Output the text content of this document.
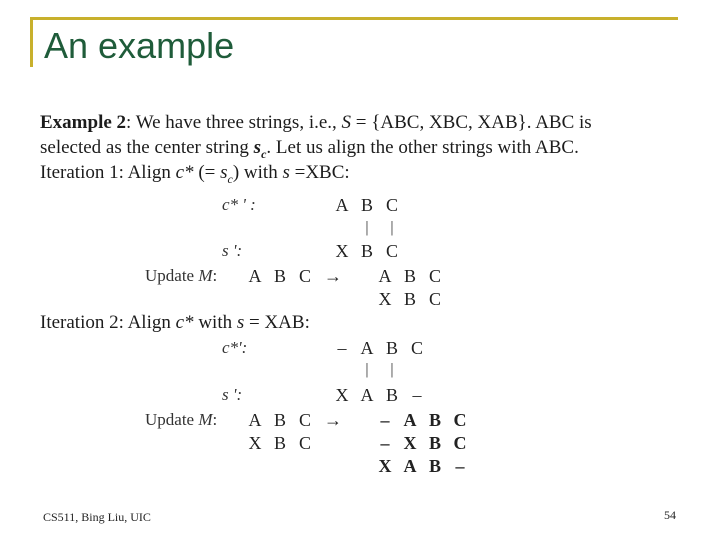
An example
Example 2: We have three strings, i.e., S = {ABC, XBC, XAB}. ABC is
selected as the center string $s_c$. Let us align the other strings with ABC.
Iteration 1: Align c* (= $s_c$) with s =XBC:
c* ' :	A B C
|	|
s ':	X B C
Update M: A B C → A B C
X B C
Iteration 2: Align c* with s = XAB:
c*':	– A B C
|	|
s ':	X A B –
Update M: A B C
X B C
→	– A B C
– X B C
X A B –
CS511, Bing Liu, UIC	54
